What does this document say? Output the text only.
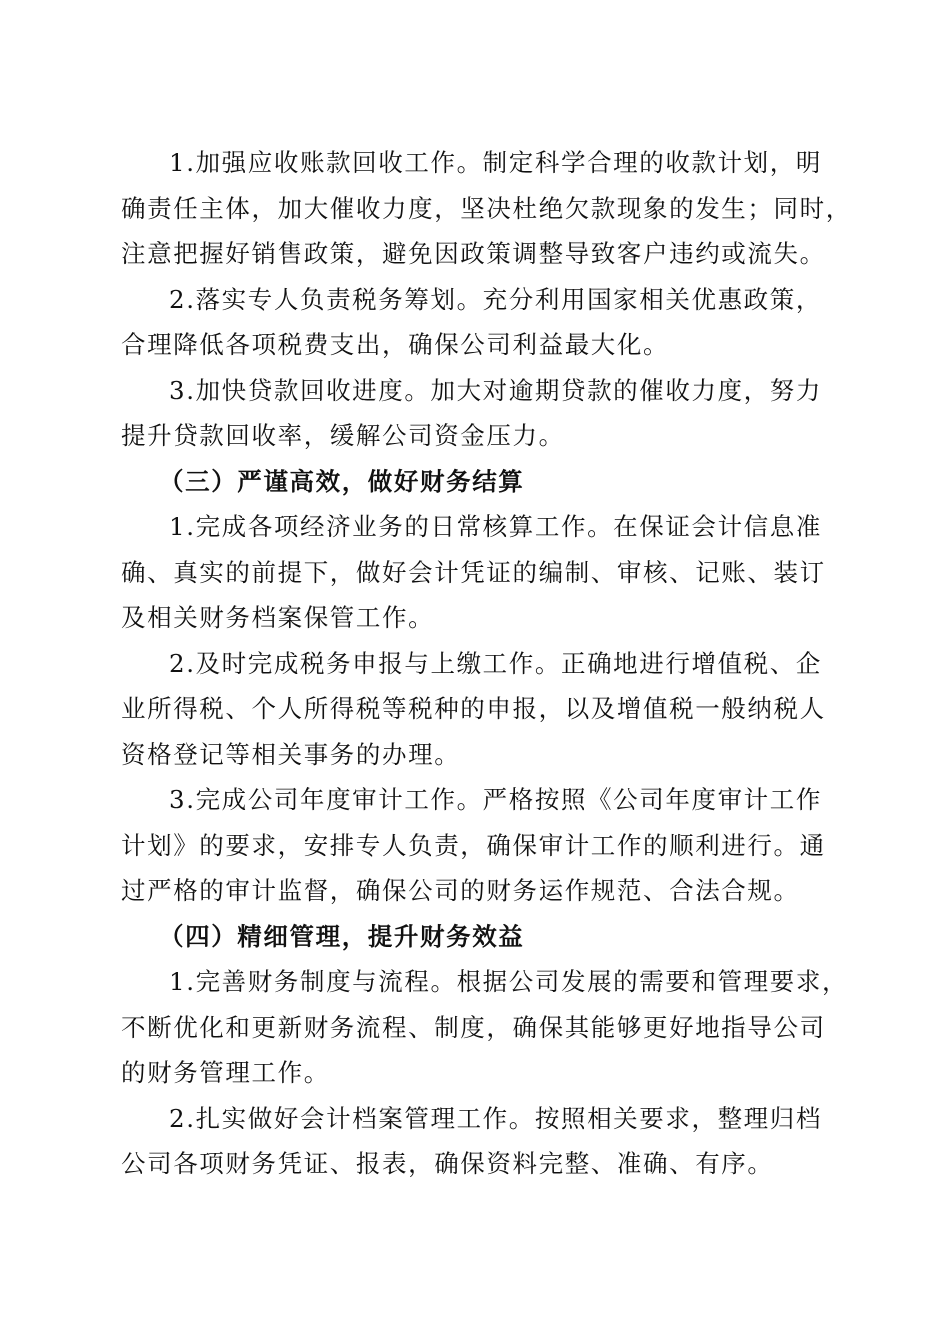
1.加强应收账款回收工作。制定科学合理的收款计划，明
确责任主体，加大催收力度，坚决杜绝欠款现象的发生；同时，
注意把握好销售政策，避免因政策调整导致客户违约或流失。
2.落实专人负责税务筹划。充分利用国家相关优惠政策，
合理降低各项税费支出，确保公司利益最大化。
3.加快贷款回收进度。加大对逾期贷款的催收力度，努力
提升贷款回收率，缓解公司资金压力。
（三）严谨高效，做好财务结算
1.完成各项经济业务的日常核算工作。在保证会计信息准
确、真实的前提下，做好会计凭证的编制、审核、记账、装订
及相关财务档案保管工作。
2.及时完成税务申报与上缴工作。正确地进行增值税、企
业所得税、个人所得税等税种的申报，以及增值税一般纳税人
资格登记等相关事务的办理。
3.完成公司年度审计工作。严格按照《公司年度审计工作
计划》的要求，安排专人负责，确保审计工作的顺利进行。通
过严格的审计监督，确保公司的财务运作规范、合法合规。
（四）精细管理，提升财务效益
1.完善财务制度与流程。根据公司发展的需要和管理要求，
不断优化和更新财务流程、制度，确保其能够更好地指导公司
的财务管理工作。
2.扎实做好会计档案管理工作。按照相关要求，整理归档
公司各项财务凭证、报表，确保资料完整、准确、有序。
